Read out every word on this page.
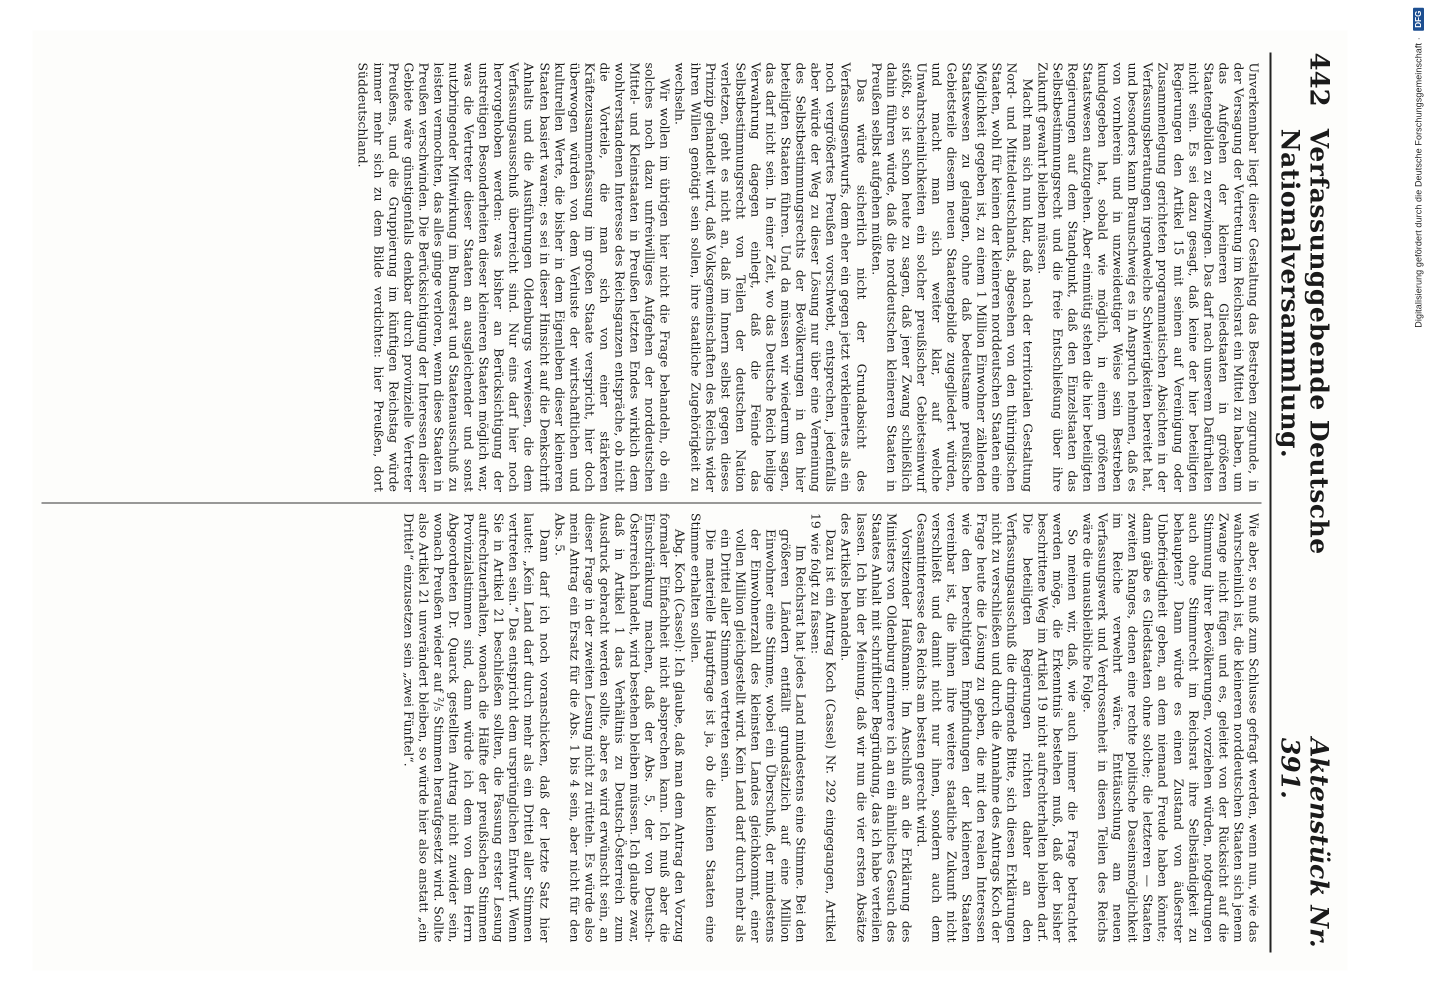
442
Verfassunggebende Deutsche Nationalversammlung.
Aktenstück Nr. 391.

Unverkennbar liegt dieser Gestaltung das Bestreben zugrunde, in der Versagung der Vertretung im Reichsrat ein Mittel zu haben, um das Aufgehen der kleineren Gliedstaaten in größeren Staatengebilden zu erzwingen. Das darf nach unserem Dafürhalten nicht sein. Es sei dazu gesagt, daß keine der hier beteiligten Regierungen den Artikel 15 mit seinen auf Vereinigung oder Zusammenlegung gerichteten programmatischen Absichten in der Verfassungsberatungen irgendwelche Schwierigkeiten bereitet hat, und besonders kann Braunschweig es in Anspruch nehmen, daß es von vornherein und in unzweideutiger Weise sein Bestreben kundgegeben hat, sobald wie möglich, in einem größeren Staatswesen aufzugehen. Aber einmütig stehen die hier beteiligten Regierungen auf dem Standpunkt, daß den Einzelstaaten das Selbstbestimmungsrecht und die freie Entschließung über ihre Zukunft gewahrt bleiben müssen.

Macht man sich nun klar, daß nach der territorialen Gestaltung Nord- und Mitteldeutschlands, abgesehen von den thüringischen Staaten, wohl für keinen der kleineren norddeutschen Staaten eine Möglichkeit gegeben ist, zu einem 1 Million Einwohner zählenden Staatswesen zu gelangen, ohne daß bedeutsame preußische Gebietsteile diesem neuen Staatengebilde zugegliedert würden, und macht man sich weiter klar, auf welche Unwahrscheinlichkeiten ein solcher preußischer Gebietseinwurf stößt, so ist schon heute zu sagen, daß jener Zwang schließlich dahin führen würde, daß die norddeutschen kleineren Staaten in Preußen selbst aufgehen müßten.

Das würde sicherlich nicht der Grundabsicht des Verfassungsentwurfs, dem eher ein gegen jetzt verkleinertes als ein noch vergrößertes Preußen vorschwebt, entsprechen, jedenfalls aber würde der Weg zu dieser Lösung nur über eine Verneinung des Selbstbestimmungsrechts der Bevölkerungen in den hier beteiligten Staaten führen. Und da müssen wir wiederum sagen, das darf nicht sein. In einer Zeit, wo das Deutsche Reich heilige Verwahrung dagegen einlegt, daß die Feinde das Selbstbestimmungsrecht von Teilen der deutschen Nation verletzen, geht es nicht an, daß im Innern selbst gegen dieses Prinzip gehandelt wird, daß Volksgemeinschaften des Reichs wider ihren Willen genötigt sein sollen, ihre staatliche Zugehörigkeit zu wechseln.

Wir wollen im übrigen hier nicht die Frage behandeln, ob ein solches noch dazu unfreiwilliges Aufgehen der norddeutschen Mittel- und Kleinstaaten in Preußen letzten Endes wirklich dem wohlverstandenen Interesse des Reichsganzen entspräche, ob nicht die Vorteile, die man sich von einer stärkeren Kräftezusammenfassung im großen Staate verspricht, hier doch überwogen würden von dem Verluste der wirtschaftlichen und kulturellen Werte, die bisher in dem Eigenleben dieser kleineren Staaten basiert waren; es sei in dieser Hinsicht auf die Denkschrift Anhalts und die Ausführungen Oldenburgs verwiesen, die dem Verfassungsausschuß überreicht sind. Nur eins darf hier noch hervorgehoben werden: was bisher an Berücksichtigung der unstreitigen Besonderheiten dieser kleineren Staaten möglich war, was die Vertreter dieser Staaten an ausgleichender und sonst nutzbringender Mitwirkung im Bundesrat und Staatenausschuß zu leisten vermochten, das alles ginge verloren, wenn diese Staaten in Preußen verschwinden. Die Berücksichtigung der Interessen dieser Gebiete wäre günstigenfalls denkbar durch provinzielle Vertreter Preußens, und die Gruppierung im künftigen Reichstag würde immer mehr sich zu dem Bilde verdichten: hier Preußen, dort Süddeutschland.

Wie aber, so muß zum Schlusse gefragt werden, wenn nun, wie das wahrscheinlich ist, die kleineren norddeutschen Staaten sich jenem Zwange nicht fügen und es, geleitet von der Rücksicht auf die Stimmung ihrer Bevölkerungen, vorziehen würden, notgedrungen auch ohne Stimmrecht im Reichsrat ihre Selbständigkeit zu behaupten? Dann würde es einen Zustand von äußerster Unbefriedigtheit geben, an dem niemand Freude haben könnte; dann gäbe es Gliedstaaten ohne solche; die letzteren — Staaten zweiten Ranges, denen eine rechte politische Daseinsmöglichkeit im Reiche verwehrt wäre. Enttäuschung am neuen Verfassungswerk und Verdrossenheit in diesen Teilen des Reichs wäre die unausbleibliche Folge.

So meinen wir, daß, wie auch immer die Frage betrachtet werden möge, die Erkenntnis bestehen muß, daß der bisher beschrittene Weg im Artikel 19 nicht aufrechterhalten bleiben darf. Die beteiligten Regierungen richten daher an den Verfassungsausschuß die dringende Bitte, sich diesen Erklärungen nicht zu verschließen und durch die Annahme des Antrags Koch der Frage heute die Lösung zu geben, die mit den realen Interessen wie den berechtigten Empfindungen der kleineren Staaten vereinbar ist, die ihnen ihre weitere staatliche Zukunft nicht verschließt und damit nicht nur ihnen, sondern auch dem Gesamtinteresse des Reichs am besten gerecht wird.

Vorsitzender Haußmann: Im Anschluß an die Erklärung des Ministers von Oldenburg erinnere ich an ein ähnliches Gesuch des Staates Anhalt mit schriftlicher Begründung, das ich habe verteilen lassen. Ich bin der Meinung, daß wir nun die vier ersten Absätze des Artikels behandeln.

Dazu ist ein Antrag Koch (Cassel) Nr. 292 eingegangen, Artikel 19 wie folgt zu fassen:

Im Reichsrat hat jedes Land mindestens eine Stimme. Bei den größeren Ländern entfällt grundsätzlich auf eine Million Einwohner eine Stimme, wobei ein Überschuß, der mindestens der Einwohnerzahl des kleinsten Landes gleichkommt, einer vollen Million gleichgestellt wird. Kein Land darf durch mehr als ein Drittel aller Stimmen vertreten sein.

Die materielle Hauptfrage ist ja, ob die kleinen Staaten eine Stimme erhalten sollen.

Abg. Koch (Cassel): Ich glaube, daß man dem Antrag den Vorzug formaler Einfachheit nicht absprechen kann. Ich muß aber die Einschränkung machen, daß der Abs. 5, der von Deutsch-Österreich handelt, wird bestehen bleiben müssen. Ich glaube zwar, daß in Artikel 1 das Verhältnis zu Deutsch-Österreich zum Ausdruck gebracht werden sollte, aber es wird erwünscht sein, an dieser Frage in der zweiten Lesung nicht zu rütteln. Es würde also mein Antrag ein Ersatz für die Abs. 1 bis 4 sein, aber nicht für den Abs. 5.

Dann darf ich noch voranschicken, daß der letzte Satz hier lautet: „Kein Land darf durch mehr als ein Drittel aller Stimmen vertreten sein.“ Das entspricht dem ursprünglichen Entwurf. Wenn Sie in Artikel 21 beschließen sollten, die Fassung erster Lesung aufrechtzuerhalten, wonach die Hälfte der preußischen Stimmen Provinzialstimmen sind, dann würde ich dem von dem Herrn Abgeordneten Dr. Quarck gestellten Antrag nicht zuwider sein, wonach Preußen wieder auf ²/₅ Stimmen heraufgesetzt wird. Sollte also Artikel 21 unverändert bleiben, so würde hier also anstatt „ein Drittel“ einzusetzen sein „zwei Fünftel“.

Digitalisierung gefördert durch die Deutsche Forschungsgemeinschaft ·
DFG
